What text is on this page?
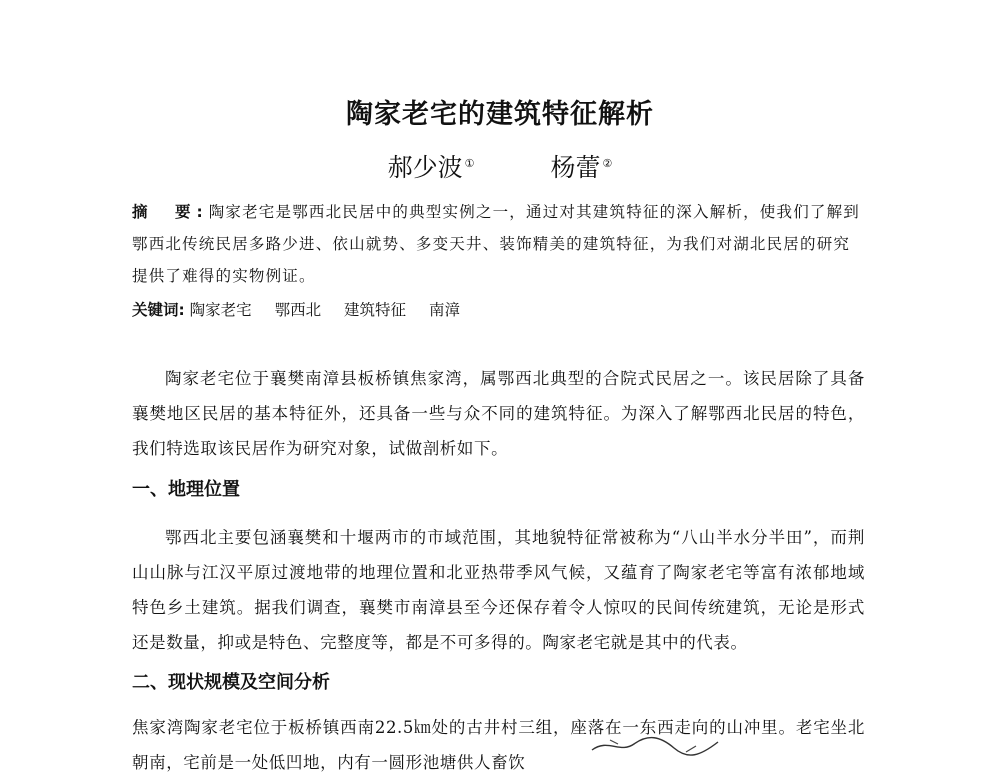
陶家老宅的建筑特征解析
郝少波 ①	杨蕾 ②
摘　要:陶家老宅是鄂西北民居中的典型实例之一，通过对其建筑特征的深入解析，使我们了解到鄂西北传统民居多路少进、依山就势、多变天井、装饰精美的建筑特征，为我们对湖北民居的研究提供了难得的实物例证。
关键词: 陶家老宅 鄂西北 建筑特征 南漳
陶家老宅位于襄樊南漳县板桥镇焦家湾，属鄂西北典型的合院式民居之一。该民居除了具备襄樊地区民居的基本特征外，还具备一些与众不同的建筑特征。为深入了解鄂西北民居的特色，我们特选取该民居作为研究对象，试做剖析如下。
一、地理位置
鄂西北主要包涵襄樊和十堰两市的市域范围，其地貌特征常被称为“八山半水分半田”，而荆山山脉与江汉平原过渡地带的地理位置和北亚热带季风气候，又蕴育了陶家老宅等富有浓郁地域特色乡土建筑。据我们调查，襄樊市南漳县至今还保存着令人惊叹的民间传统建筑，无论是形式还是数量，抑或是特色、完整度等，都是不可多得的。陶家老宅就是其中的代表。
二、现状规模及空间分析
焦家湾陶家老宅位于板桥镇西南22.5㎞处的古井村三组，座落在一东西走向的山冲里。老宅坐北朝南，宅前是一处低凹地，内有一圆形池塘供人畜饮
